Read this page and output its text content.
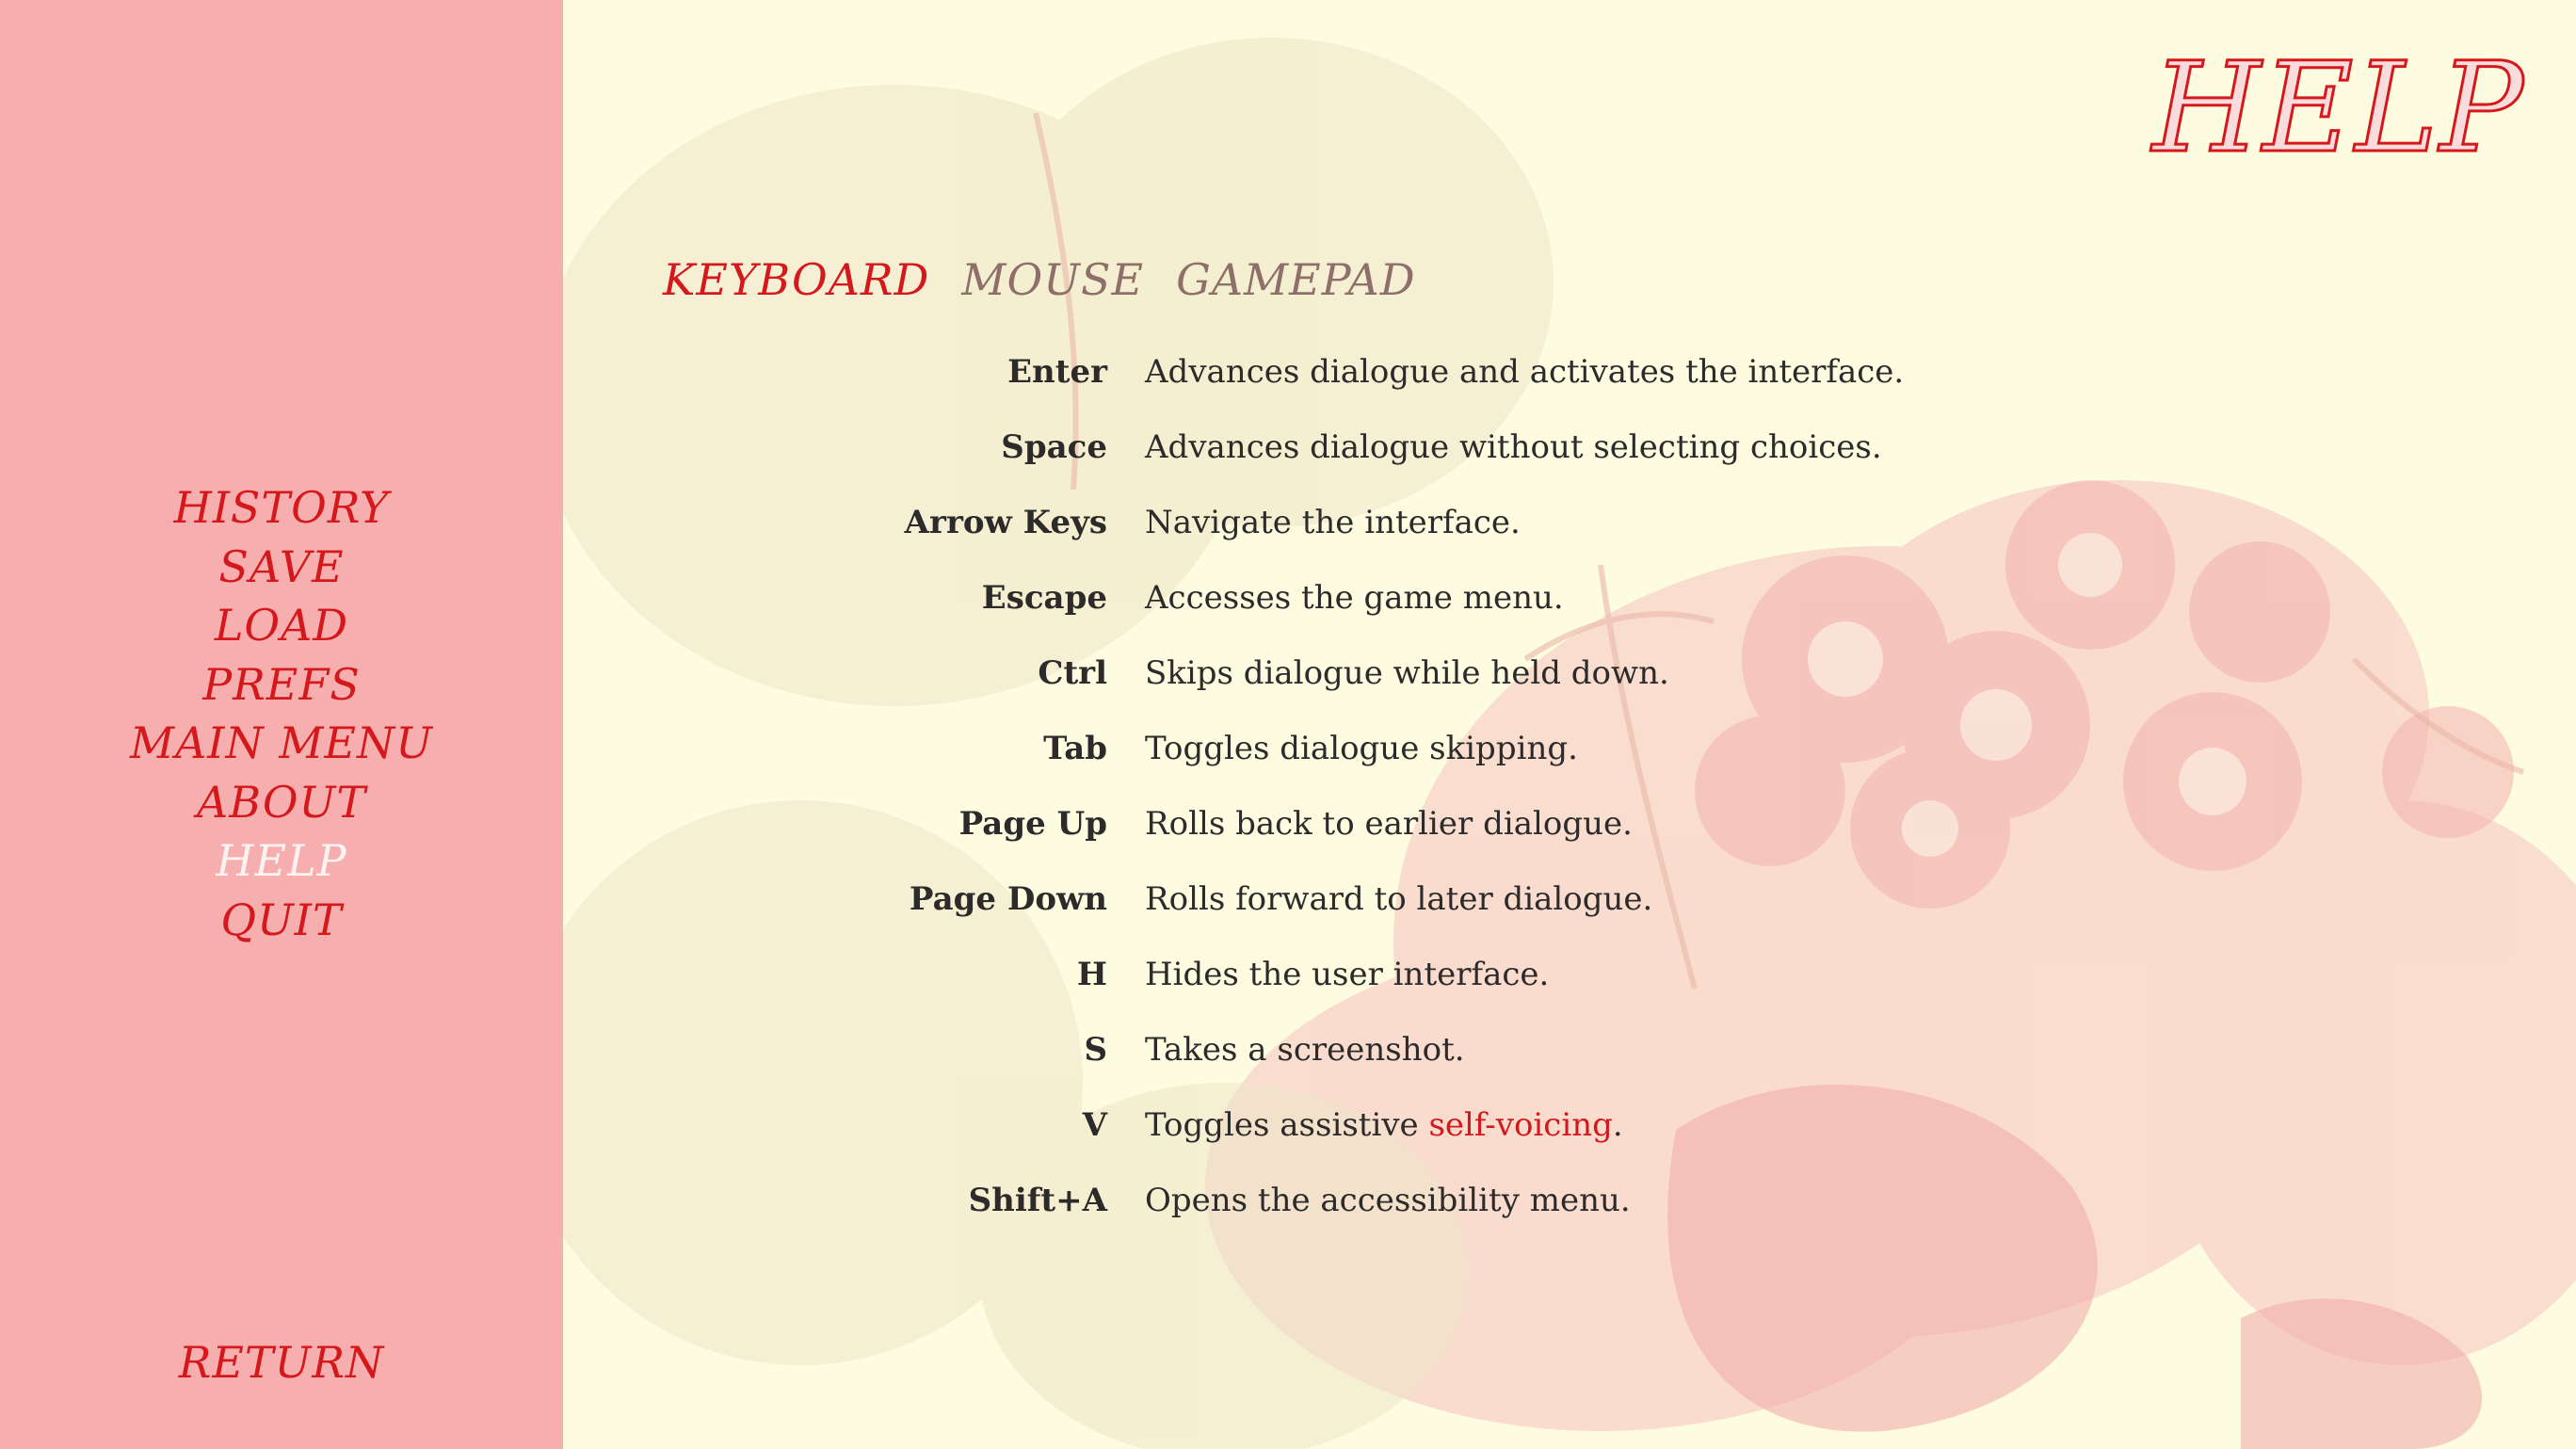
HISTORY
SAVE
LOAD
PREFS
MAIN MENU
ABOUT
HELP
QUIT
RETURN
HELP
KEYBOARD MOUSE GAMEPAD
Enter Advances dialogue and activates the interface.
Space Advances dialogue without selecting choices.
Arrow Keys Navigate the interface.
Escape Accesses the game menu.
Ctrl Skips dialogue while held down.
Tab Toggles dialogue skipping.
Page Up Rolls back to earlier dialogue.
Page Down Rolls forward to later dialogue.
H Hides the user interface.
S Takes a screenshot.
V Toggles assistive self-voicing.
Shift+A Opens the accessibility menu.
